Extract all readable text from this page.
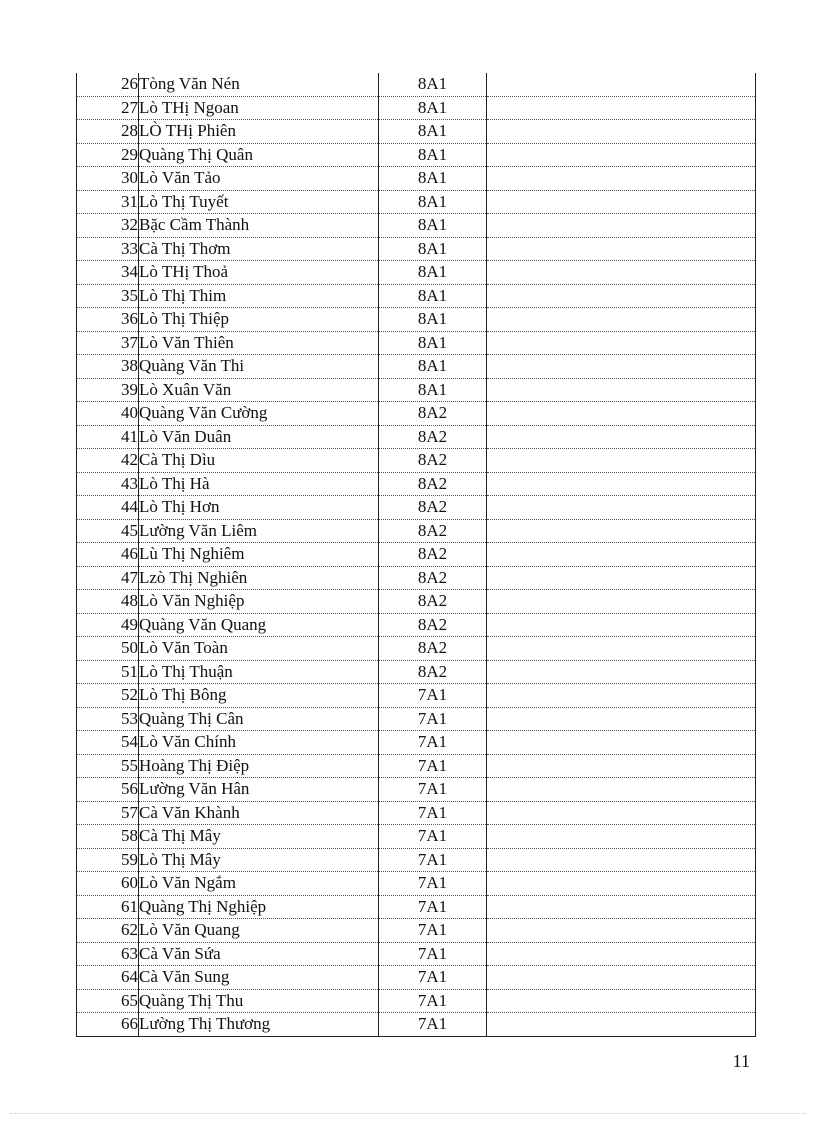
26	Tòng Văn Nén	8A1	
27	Lò THị Ngoan	8A1	
28	LÒ THị Phiên	8A1	
29	Quàng Thị Quân	8A1	
30	Lò Văn Tảo	8A1	
31	Lò Thị Tuyết	8A1	
32	Bặc Cầm Thành	8A1	
33	Cà Thị Thơm	8A1	
34	Lò THị Thoả	8A1	
35	Lò Thị Thim	8A1	
36	Lò Thị Thiệp	8A1	
37	Lò Văn Thiên	8A1	
38	Quàng Văn Thi	8A1	
39	Lò Xuân Văn	8A1	
40	Quàng Văn Cường	8A2	
41	Lò Văn Duân	8A2	
42	Cà Thị Dìu	8A2	
43	Lò Thị Hà	8A2	
44	Lò Thị Hơn	8A2	
45	Lường Văn Liêm	8A2	
46	Lù Thị Nghiêm	8A2	
47	Lzò Thị Nghiên	8A2	
48	Lò Văn Nghiệp	8A2	
49	Quàng Văn Quang	8A2	
50	Lò Văn Toàn	8A2	
51	Lò Thị Thuận	8A2	
52	Lò Thị Bông	7A1	
53	Quàng Thị Cân	7A1	
54	Lò Văn Chính	7A1	
55	Hoàng Thị Điệp	7A1	
56	Lường Văn Hân	7A1	
57	Cà Văn Khành	7A1	
58	Cà Thị Mây	7A1	
59	Lò Thị Mây	7A1	
60	Lò Văn Ngắm	7A1	
61	Quàng Thị Nghiệp	7A1	
62	Lò Văn Quang	7A1	
63	Cà Văn Sứa	7A1	
64	Cà Văn Sung	7A1	
65	Quàng Thị Thu	7A1	
66	Lường Thị Thương	7A1	
11
